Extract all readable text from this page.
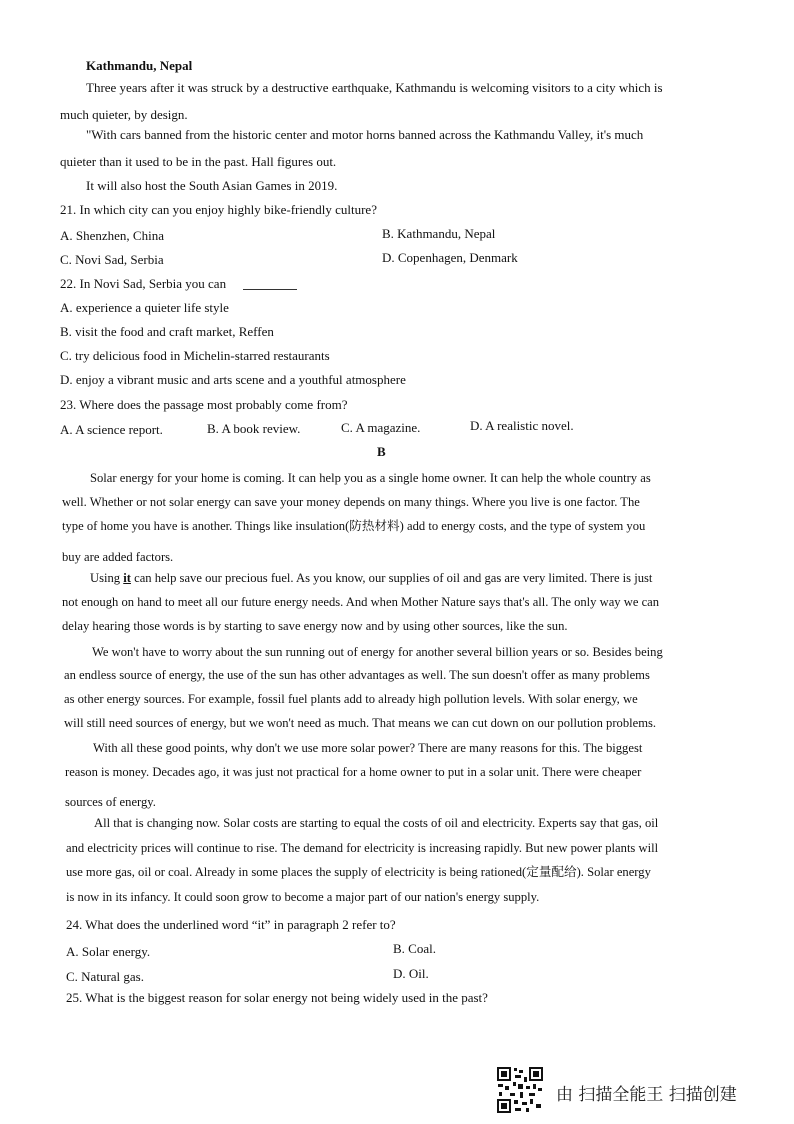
Kathmandu, Nepal
Three years after it was struck by a destructive earthquake, Kathmandu is welcoming visitors to a city which is
much quieter, by design.
"With cars banned from the historic center and motor horns banned across the Kathmandu Valley, it's much
quieter than it used to be in the past. Hall figures out.
It will also host the South Asian Games in 2019.
21. In which city can you enjoy highly bike-friendly culture?
A. Shenzhen, China	B. Kathmandu, Nepal
C. Novi Sad, Serbia	D. Copenhagen, Denmark
22. In Novi Sad, Serbia you can
A. experience a quieter life style
B. visit the food and craft market, Reffen
C. try delicious food in Michelin-starred restaurants
D. enjoy a vibrant music and arts scene and a youthful atmosphere
23. Where does the passage most probably come from?
A. A science report.	B. A book review.	C. A magazine.	D. A realistic novel.
B
Solar energy for your home is coming. It can help you as a single home owner. It can help the whole country as
well. Whether or not solar energy can save your money depends on many things. Where you live is one factor. The
type of home you have is another. Things like insulation(防热材料) add to energy costs, and the type of system you
buy are added factors.
Using it can help save our precious fuel. As you know, our supplies of oil and gas are very limited. There is just
not enough on hand to meet all our future energy needs. And when Mother Nature says that's all. The only way we can
delay hearing those words is by starting to save energy now and by using other sources, like the sun.
We won't have to worry about the sun running out of energy for another several billion years or so. Besides being
an endless source of energy, the use of the sun has other advantages as well. The sun doesn't offer as many problems
as other energy sources. For example, fossil fuel plants add to already high pollution levels. With solar energy, we
will still need sources of energy, but we won't need as much. That means we can cut down on our pollution problems.
With all these good points, why don't we use more solar power? There are many reasons for this. The biggest
reason is money. Decades ago, it was just not practical for a home owner to put in a solar unit. There were cheaper
sources of energy.
All that is changing now. Solar costs are starting to equal the costs of oil and electricity. Experts say that gas, oil
and electricity prices will continue to rise. The demand for electricity is increasing rapidly. But new power plants will
use more gas, oil or coal. Already in some places the supply of electricity is being rationed(定量配给). Solar energy
is now in its infancy. It could soon grow to become a major part of our nation's energy supply.
24. What does the underlined word “it” in paragraph 2 refer to?
A. Solar energy.	B. Coal.
C. Natural gas.	D. Oil.
25. What is the biggest reason for solar energy not being widely used in the past?
由 扫描全能王 扫描创建
